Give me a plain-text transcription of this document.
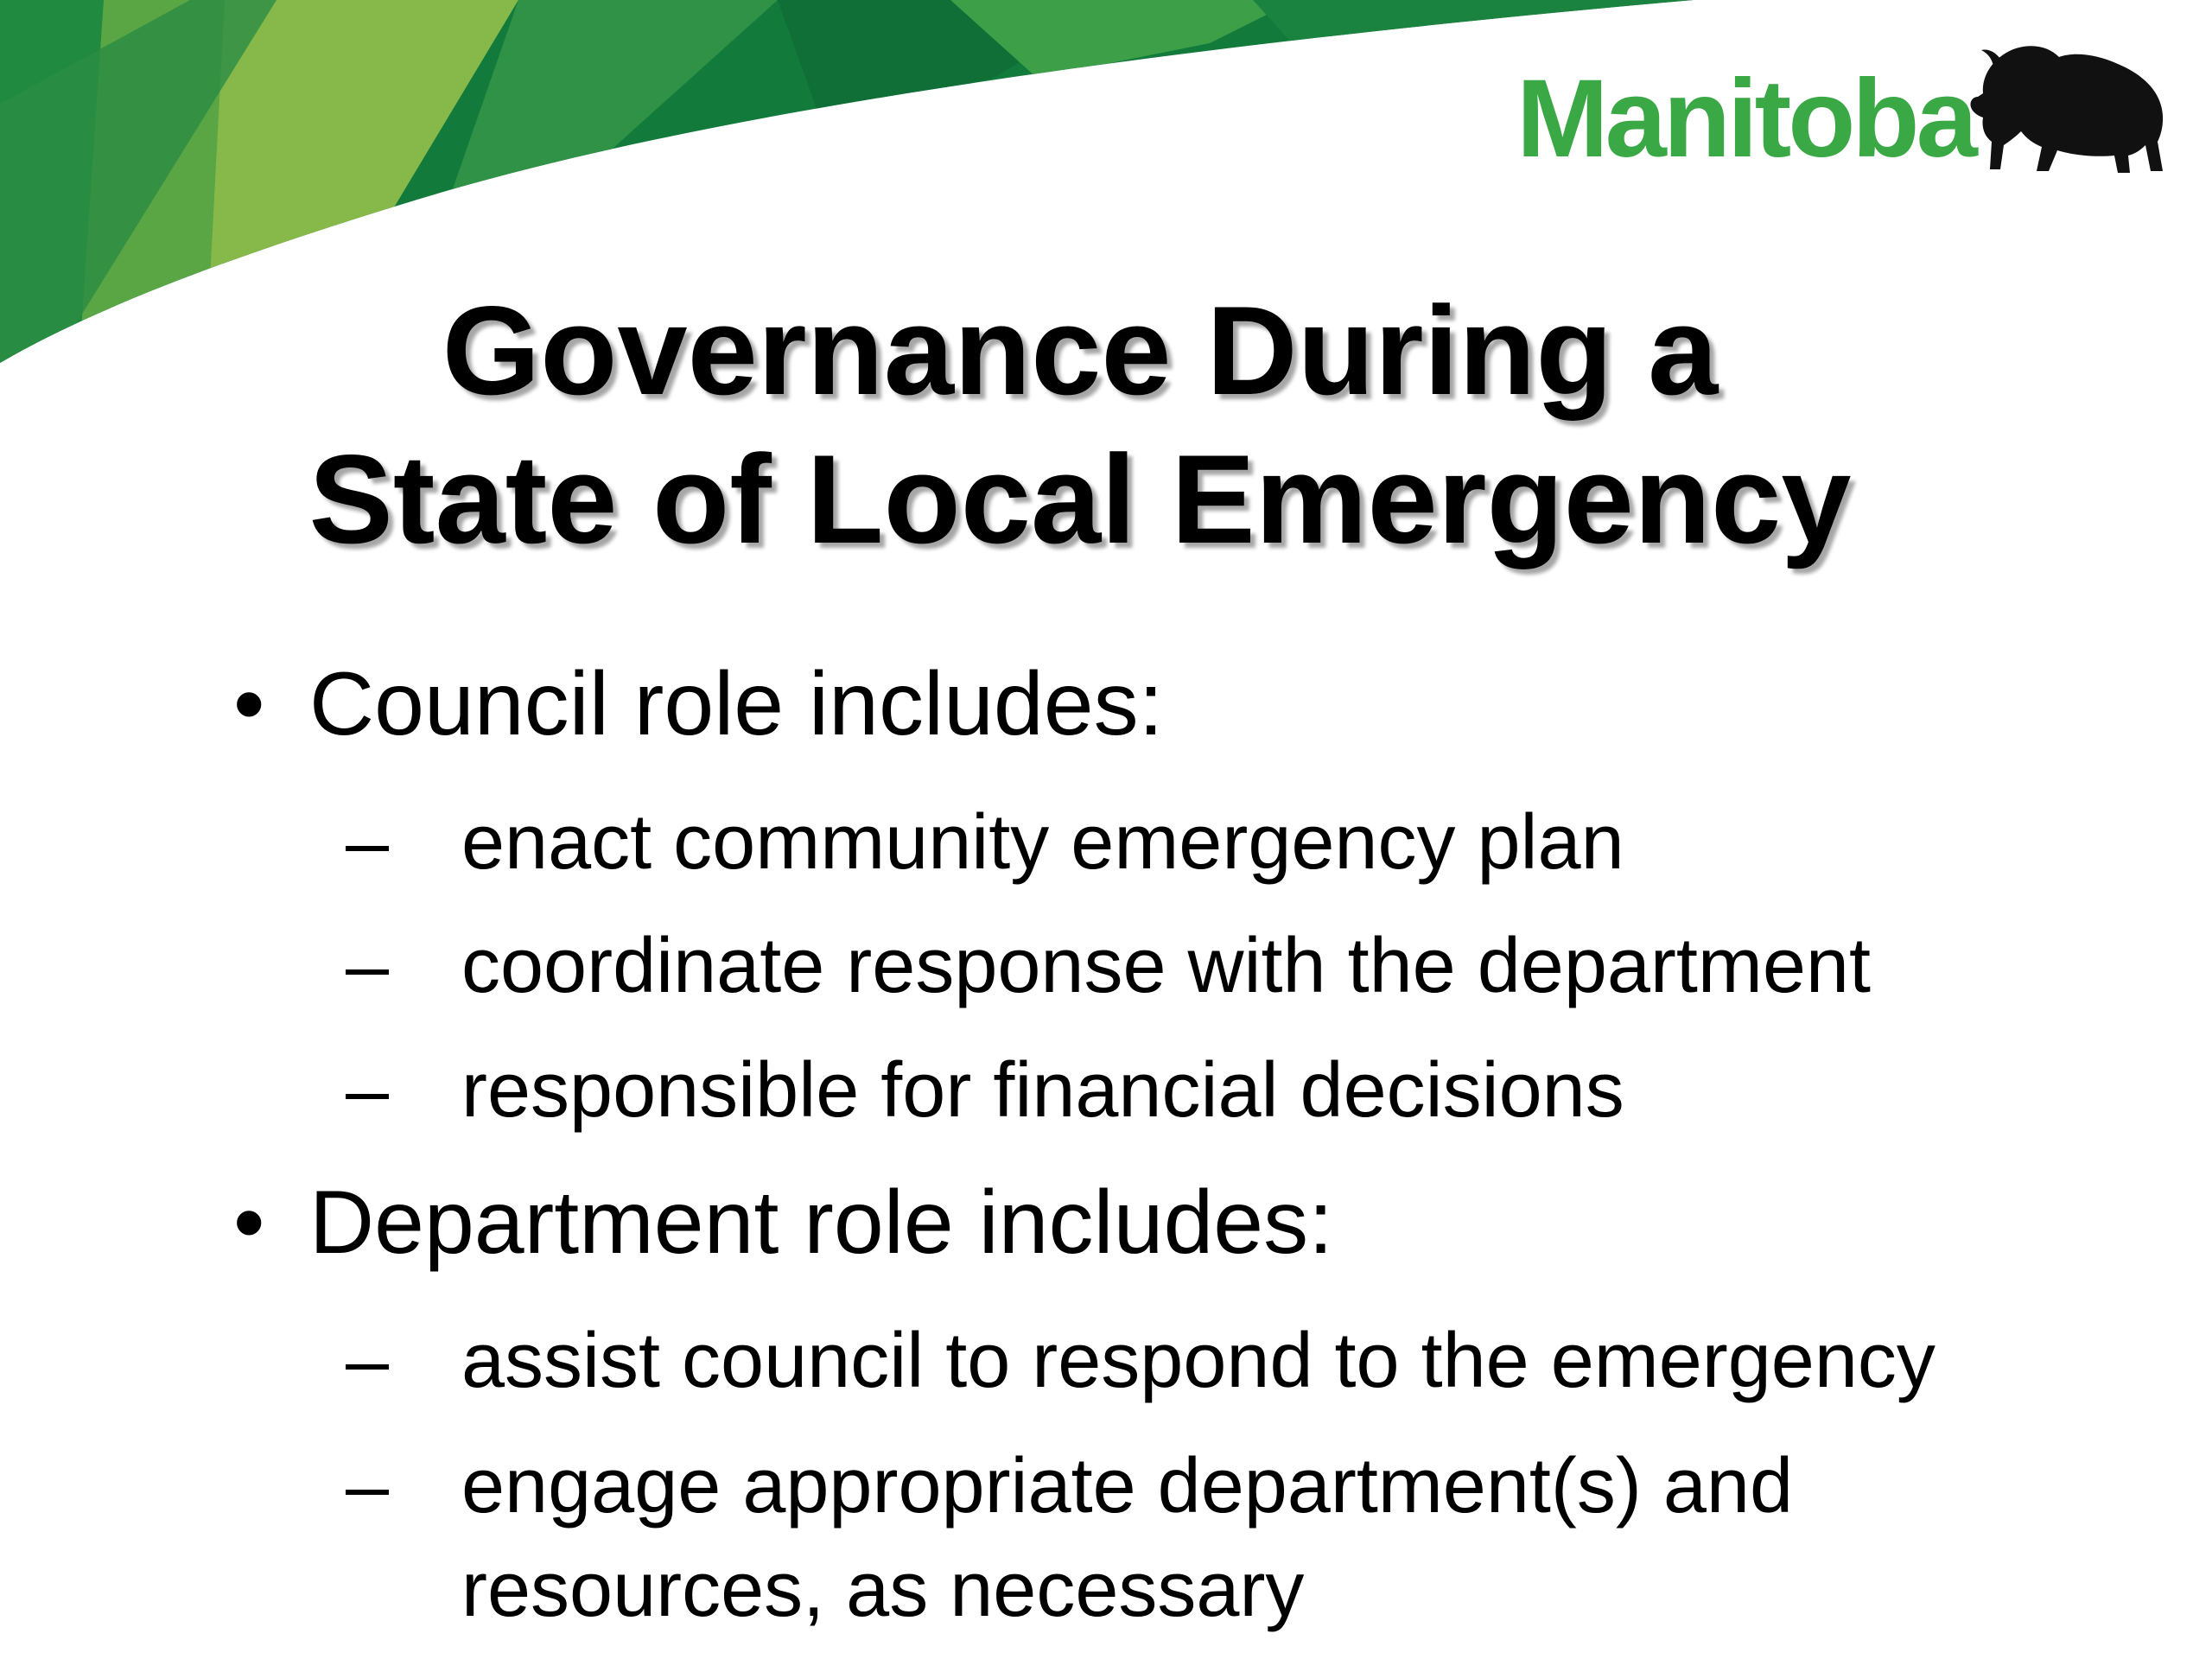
Manitoba
Governance During a
State of Local Emergency
• Council role includes:
– enact community emergency plan
– coordinate response with the department
– responsible for financial decisions
• Department role includes:
– assist council to respond to the emergency
– engage appropriate department(s) and
resources, as necessary
